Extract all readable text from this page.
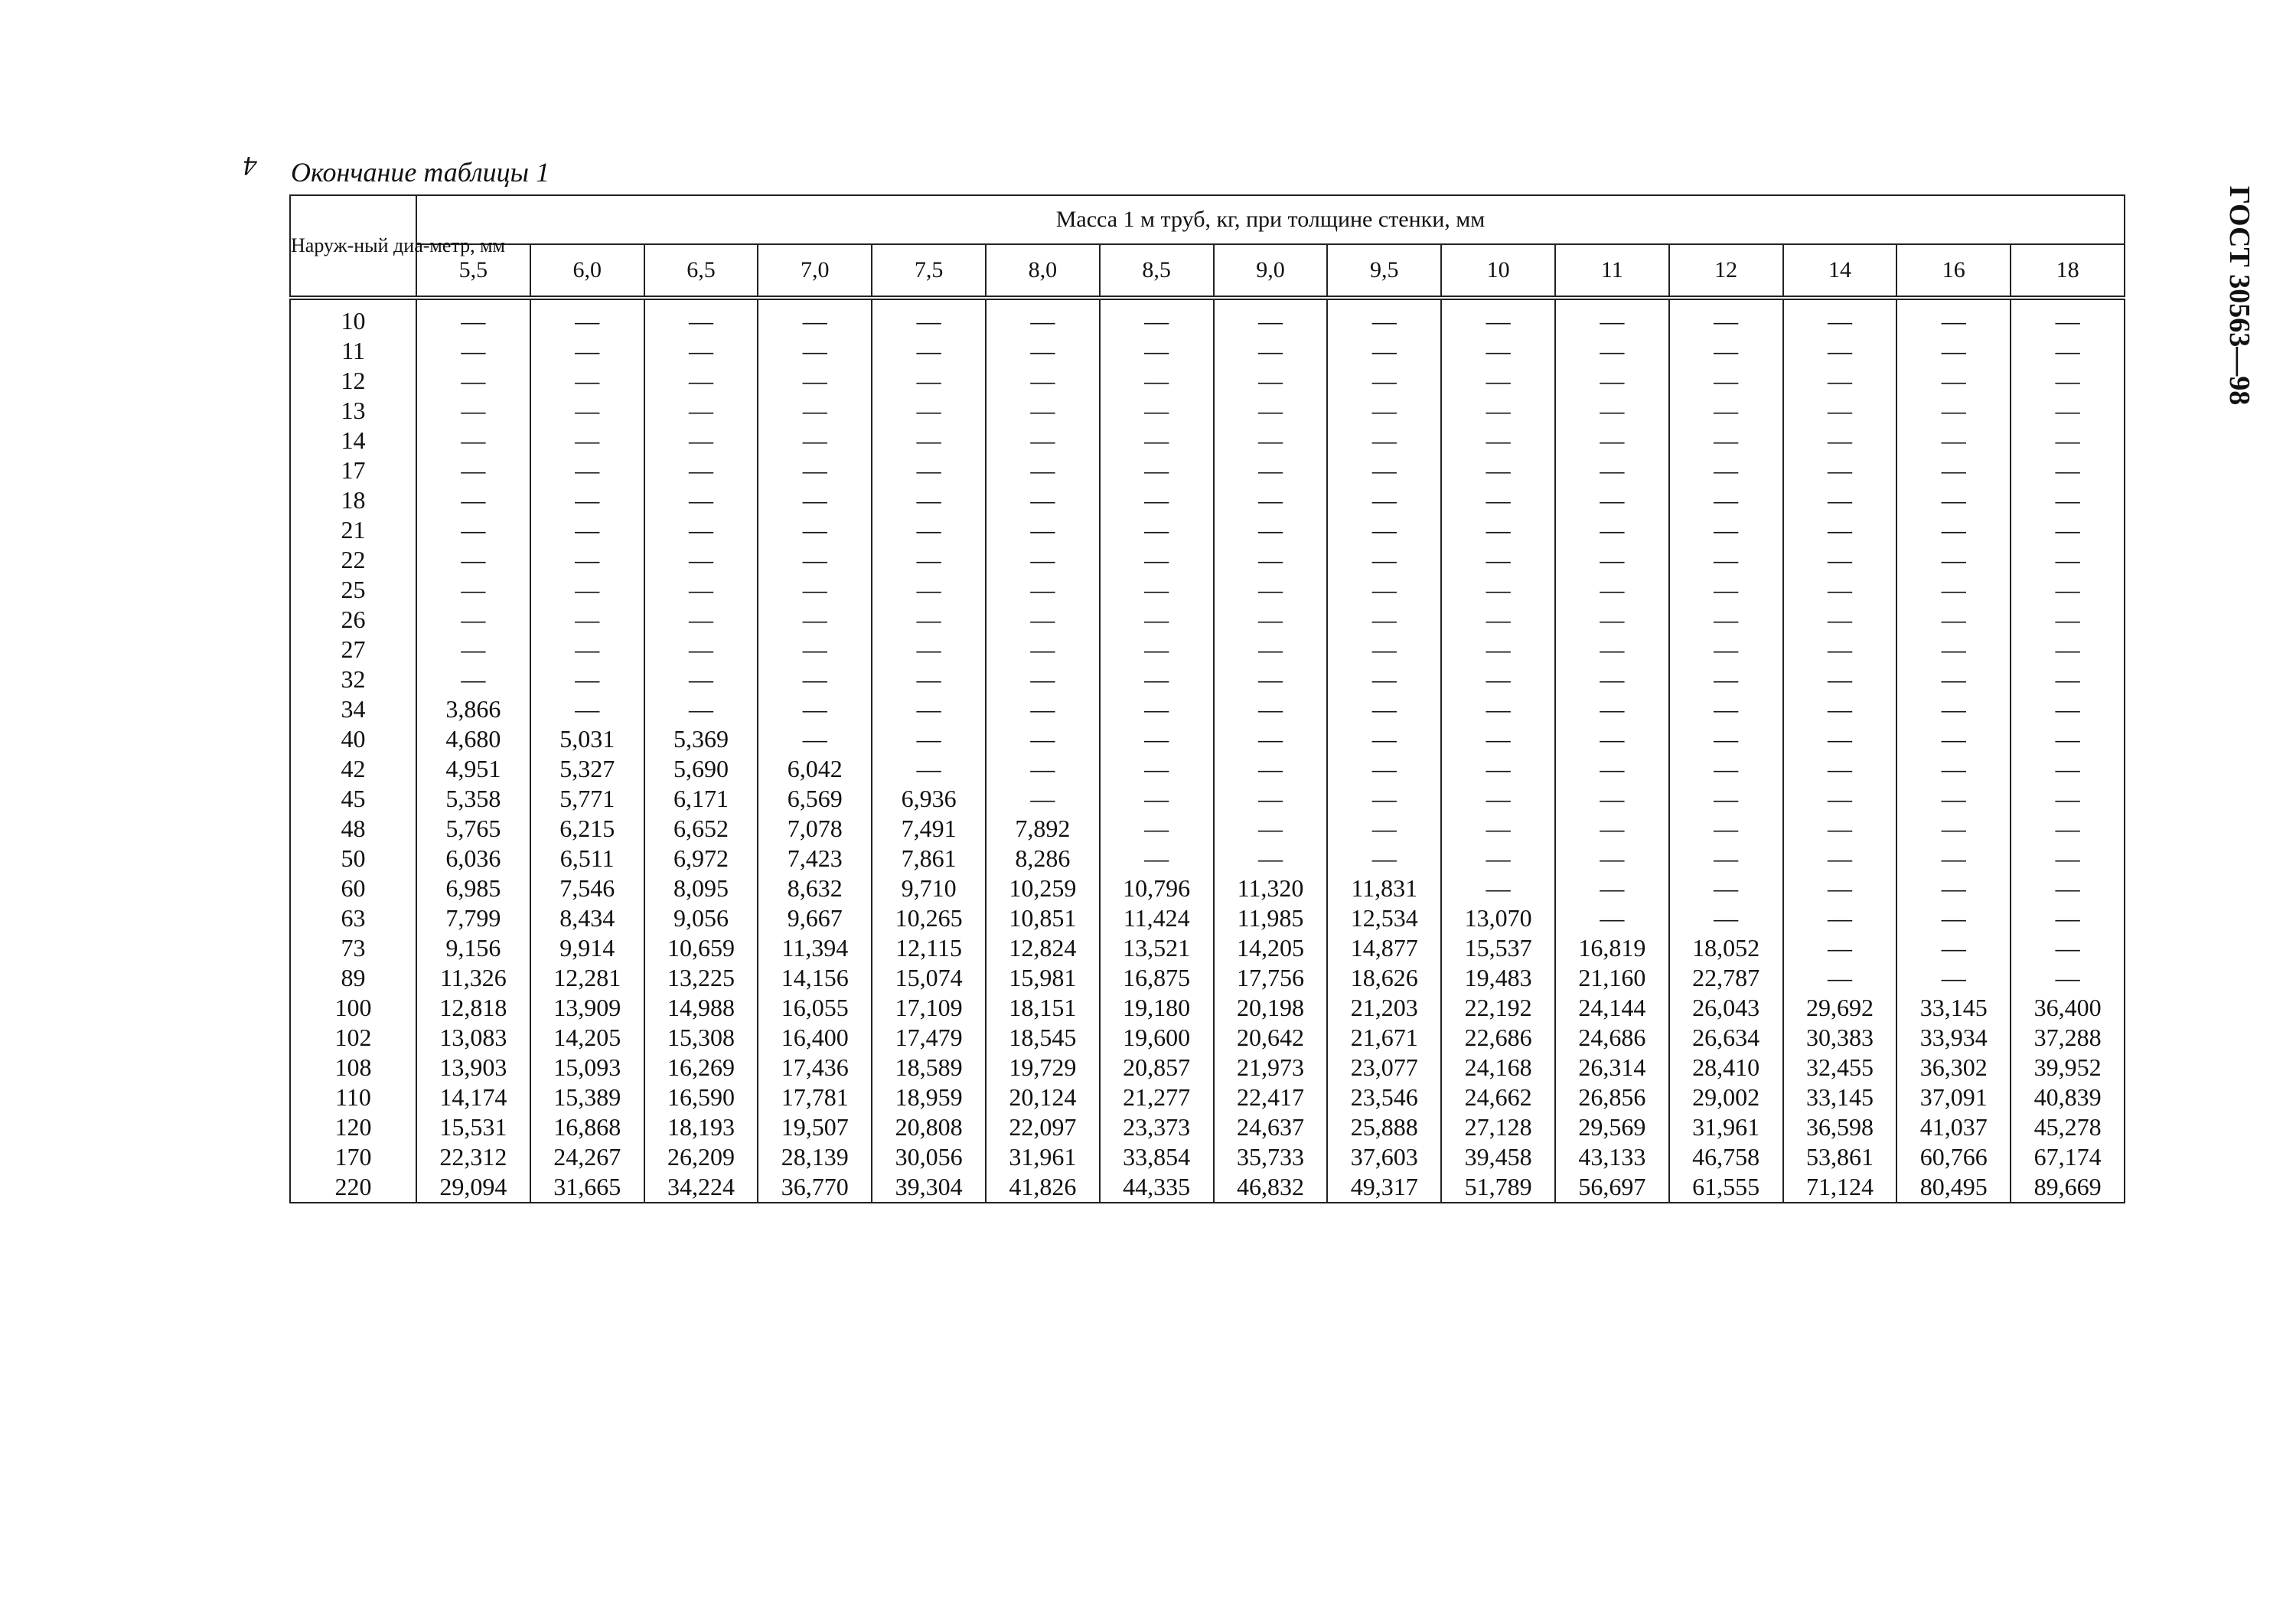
4 Окончание таблицы 1
ГОСТ 30563—98
Наруж-ный диа-метр, мм	Масса 1 м труб, кг, при толщине стенки, мм														
	5,5	6,0	6,5	7,0	7,5	8,0	8,5	9,0	9,5	10	11	12	14	16	18
10	—	—	—	—	—	—	—	—	—	—	—	—	—	—	—
11	—	—	—	—	—	—	—	—	—	—	—	—	—	—	—
12	—	—	—	—	—	—	—	—	—	—	—	—	—	—	—
13	—	—	—	—	—	—	—	—	—	—	—	—	—	—	—
14	—	—	—	—	—	—	—	—	—	—	—	—	—	—	—
17	—	—	—	—	—	—	—	—	—	—	—	—	—	—	—
18	—	—	—	—	—	—	—	—	—	—	—	—	—	—	—
21	—	—	—	—	—	—	—	—	—	—	—	—	—	—	—
22	—	—	—	—	—	—	—	—	—	—	—	—	—	—	—
25	—	—	—	—	—	—	—	—	—	—	—	—	—	—	—
26	—	—	—	—	—	—	—	—	—	—	—	—	—	—	—
27	—	—	—	—	—	—	—	—	—	—	—	—	—	—	—
32	—	—	—	—	—	—	—	—	—	—	—	—	—	—	—
34	3,866	—	—	—	—	—	—	—	—	—	—	—	—	—	—
40	4,680	5,031	5,369	—	—	—	—	—	—	—	—	—	—	—	—
42	4,951	5,327	5,690	6,042	—	—	—	—	—	—	—	—	—	—	—
45	5,358	5,771	6,171	6,569	6,936	—	—	—	—	—	—	—	—	—	—
48	5,765	6,215	6,652	7,078	7,491	7,892	—	—	—	—	—	—	—	—	—
50	6,036	6,511	6,972	7,423	7,861	8,286	—	—	—	—	—	—	—	—	—
60	6,985	7,546	8,095	8,632	9,710	10,259	10,796	11,320	11,831	—	—	—	—	—	—
63	7,799	8,434	9,056	9,667	10,265	10,851	11,424	11,985	12,534	13,070	—	—	—	—	—
73	9,156	9,914	10,659	11,394	12,115	12,824	13,521	14,205	14,877	15,537	16,819	18,052	—	—	—
89	11,326	12,281	13,225	14,156	15,074	15,981	16,875	17,756	18,626	19,483	21,160	22,787	—	—	—
100	12,818	13,909	14,988	16,055	17,109	18,151	19,180	20,198	21,203	22,192	24,144	26,043	29,692	33,145	36,400
102	13,083	14,205	15,308	16,400	17,479	18,545	19,600	20,642	21,671	22,686	24,686	26,634	30,383	33,934	37,288
108	13,903	15,093	16,269	17,436	18,589	19,729	20,857	21,973	23,077	24,168	26,314	28,410	32,455	36,302	39,952
110	14,174	15,389	16,590	17,781	18,959	20,124	21,277	22,417	23,546	24,662	26,856	29,002	33,145	37,091	40,839
120	15,531	16,868	18,193	19,507	20,808	22,097	23,373	24,637	25,888	27,128	29,569	31,961	36,598	41,037	45,278
170	22,312	24,267	26,209	28,139	30,056	31,961	33,854	35,733	37,603	39,458	43,133	46,758	53,861	60,766	67,174
220	29,094	31,665	34,224	36,770	39,304	41,826	44,335	46,832	49,317	51,789	56,697	61,555	71,124	80,495	89,669
